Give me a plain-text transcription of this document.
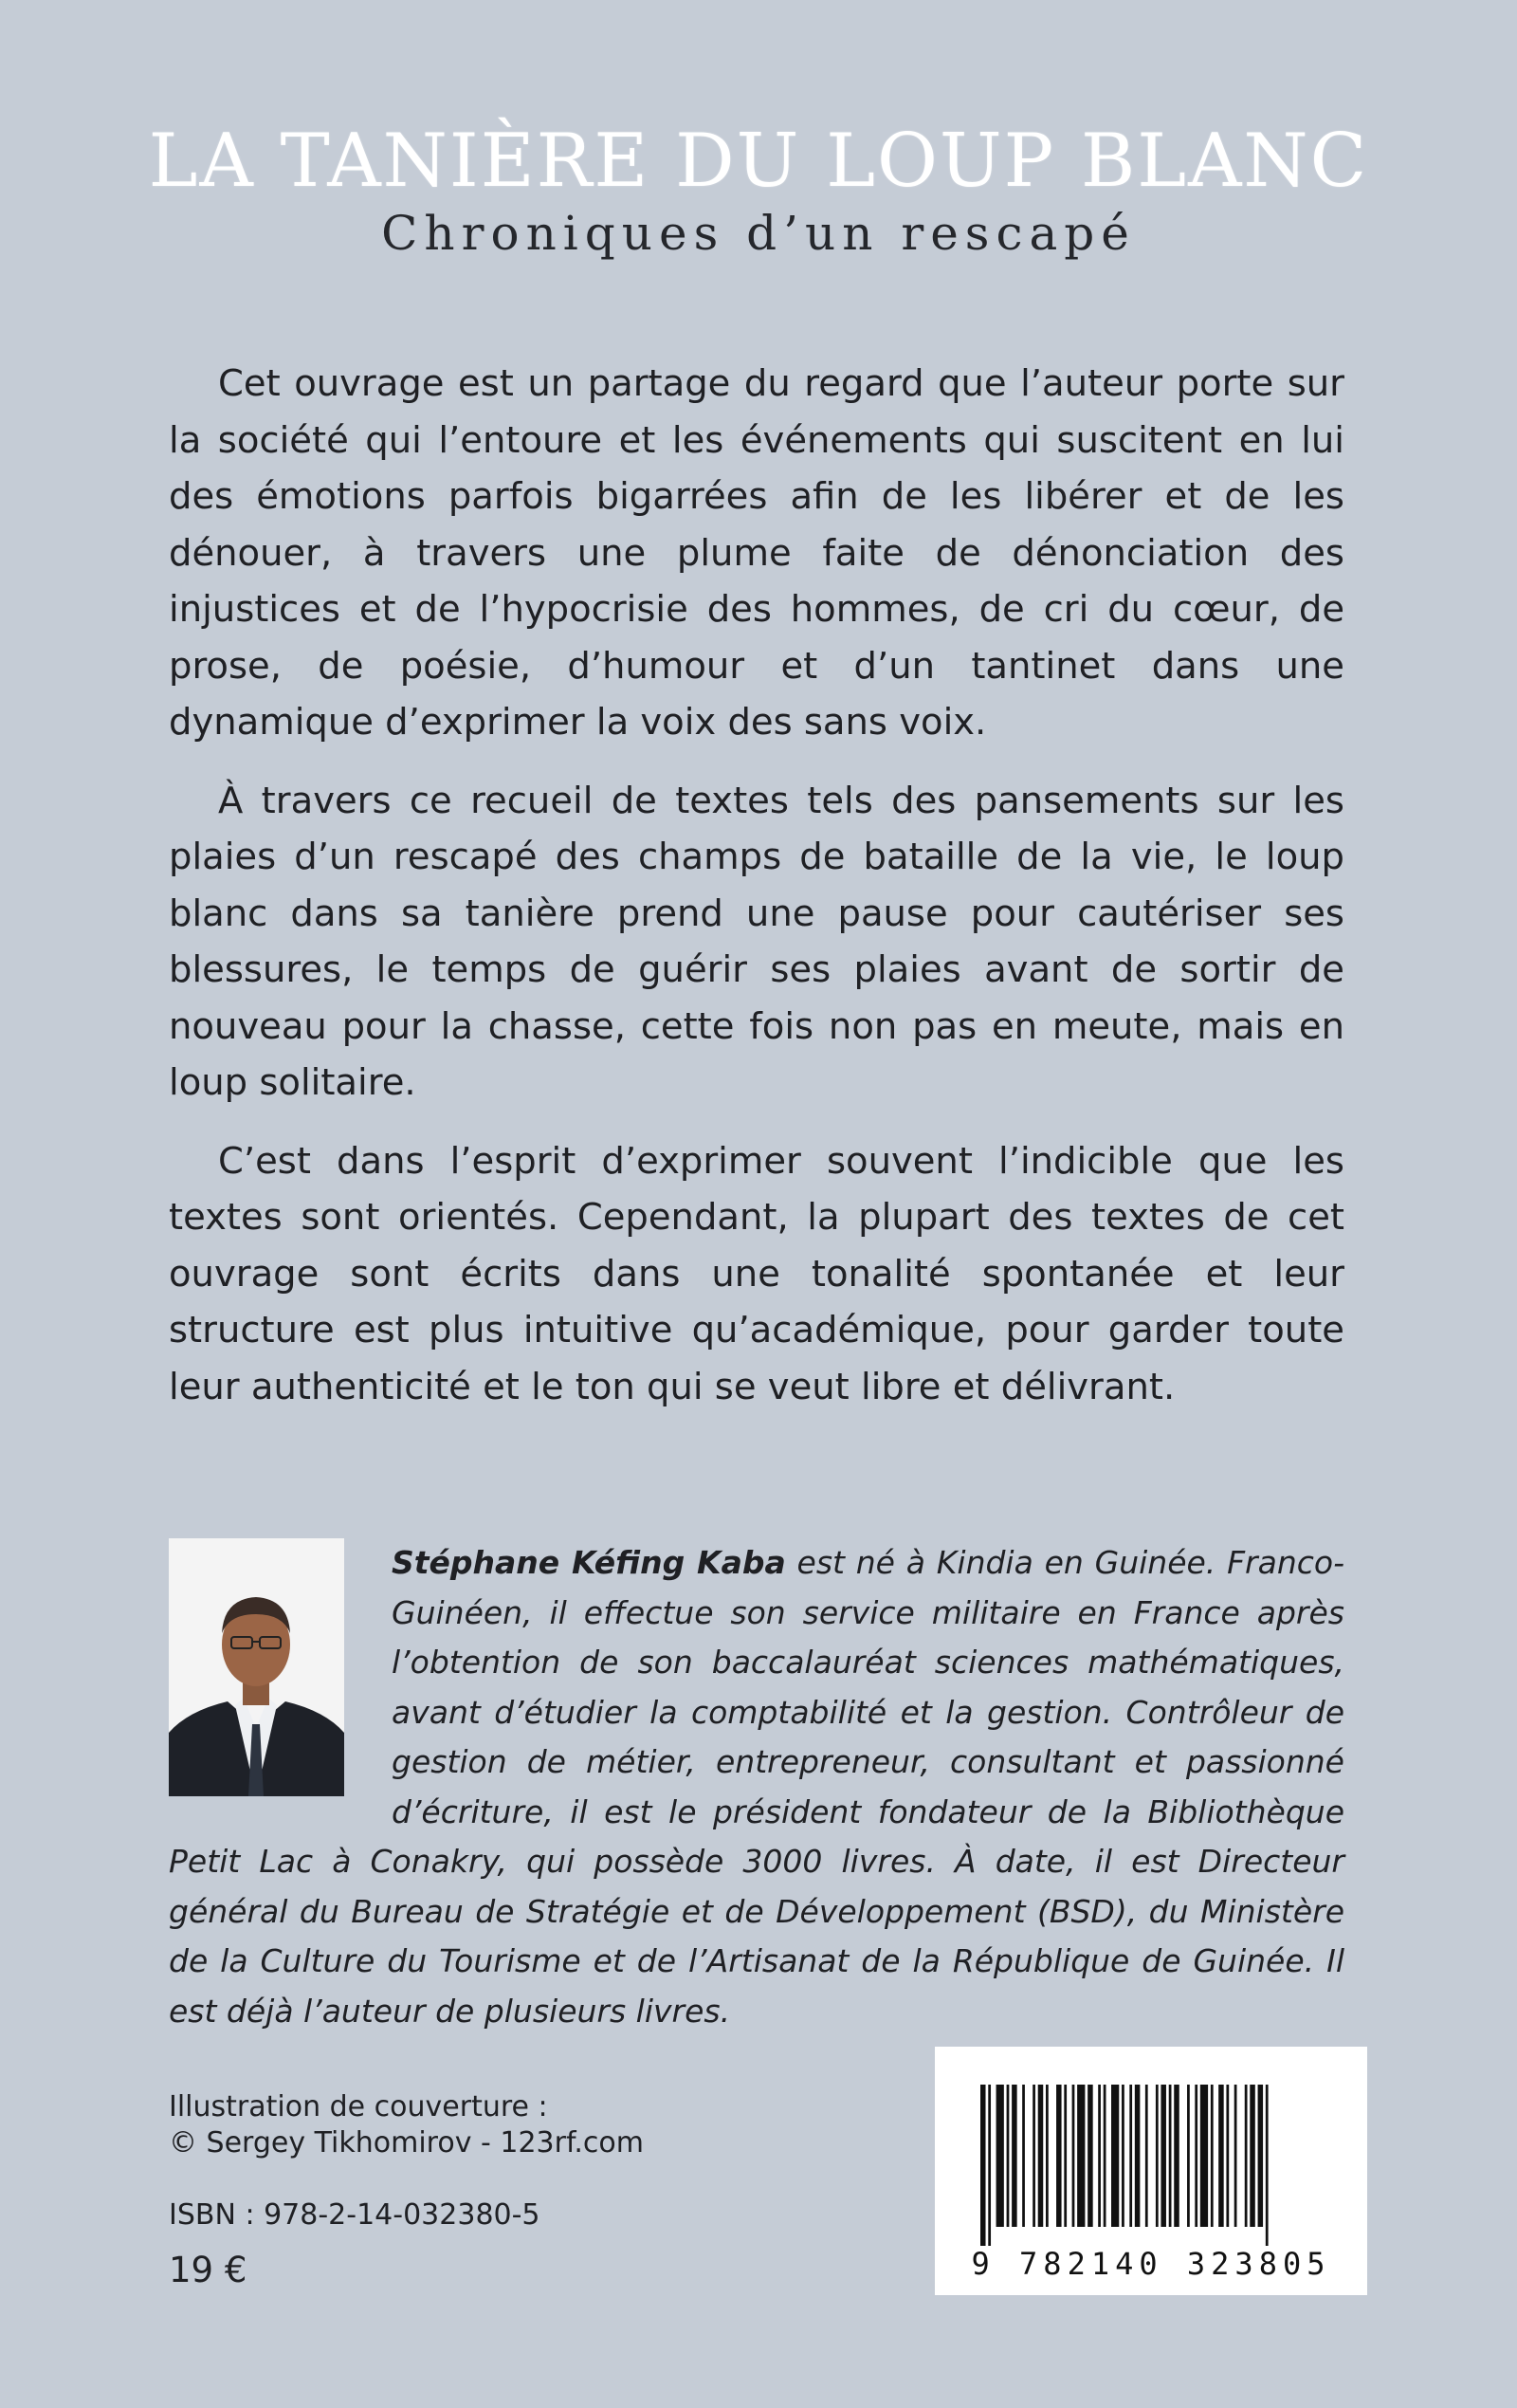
LA TANIÈRE DU LOUP BLANC
Chroniques d’un rescapé

Cet ouvrage est un partage du regard que l’auteur porte sur la société qui l’entoure et les événements qui suscitent en lui des émotions parfois bigarrées afin de les libérer et de les dénouer, à travers une plume faite de dénonciation des injustices et de l’hypocrisie des hommes, de cri du cœur, de prose, de poésie, d’humour et d’un tantinet dans une dynamique d’exprimer la voix des sans voix.

À travers ce recueil de textes tels des pansements sur les plaies d’un rescapé des champs de bataille de la vie, le loup blanc dans sa tanière prend une pause pour cautériser ses blessures, le temps de guérir ses plaies avant de sortir de nouveau pour la chasse, cette fois non pas en meute, mais en loup solitaire.

C’est dans l’esprit d’exprimer souvent l’indicible que les textes sont orientés. Cependant, la plupart des textes de cet ouvrage sont écrits dans une tonalité spontanée et leur structure est plus intuitive qu’académique, pour garder toute leur authenticité et le ton qui se veut libre et délivrant.

Stéphane Kéfing Kaba est né à Kindia en Guinée. Franco-Guinéen, il effectue son service militaire en France après l’obtention de son baccalauréat sciences mathématiques, avant d’étudier la comptabilité et la gestion. Contrôleur de gestion de métier, entrepreneur, consultant et passionné d’écriture, il est le président fondateur de la Bibliothèque Petit Lac à Conakry, qui possède 3000 livres. À date, il est Directeur général du Bureau de Stratégie et de Développement (BSD), du Ministère de la Culture du Tourisme et de l’Artisanat de la République de Guinée. Il est déjà l’auteur de plusieurs livres.
Illustration de couverture :
© Sergey Tikhomirov - 123rf.com
ISBN : 978-2-14-032380-5
19 €	9 782140 323805
